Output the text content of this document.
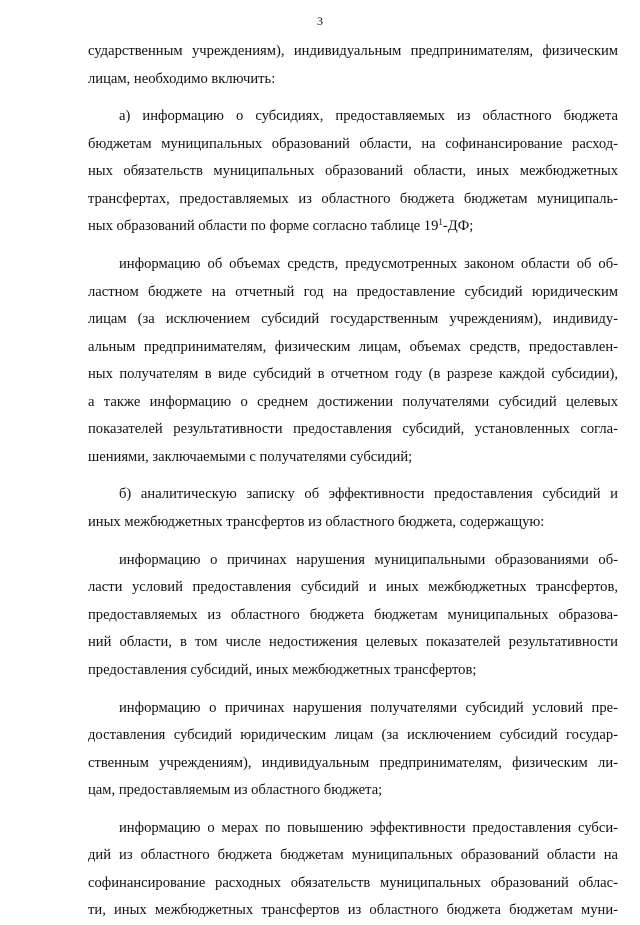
3
сударственным учреждениям), индивидуальным предпринимателям, физическим
лицам, необходимо включить:
а) информацию о субсидиях, предоставляемых из областного бюджета
бюджетам муниципальных образований области, на софинансирование расход-
ных обязательств муниципальных образований области, иных межбюджетных
трансфертах, предоставляемых из областного бюджета бюджетам муниципаль-
ных образований области по форме согласно таблице $19^1-ДФ$;
информацию об объемах средств, предусмотренных законом области об об-
ластном бюджете на отчетный год на предоставление субсидий юридическим
лицам (за исключением субсидий государственным учреждениям), индивиду-
альным предпринимателям, физическим лицам, объемах средств, предоставлен-
ных получателям в виде субсидий в отчетном году (в разрезе каждой субсидии),
а также информацию о среднем достижении получателями субсидий целевых
показателей результативности предоставления субсидий, установленных согла-
шениями, заключаемыми с получателями субсидий;
б) аналитическую записку об эффективности предоставления субсидий и
иных межбюджетных трансфертов из областного бюджета, содержащую:
информацию о причинах нарушения муниципальными образованиями об-
ласти условий предоставления субсидий и иных межбюджетных трансфертов,
предоставляемых из областного бюджета бюджетам муниципальных образова-
ний области, в том числе недостижения целевых показателей результативности
предоставления субсидий, иных межбюджетных трансфертов;
информацию о причинах нарушения получателями субсидий условий пре-
доставления субсидий юридическим лицам (за исключением субсидий государ-
ственным учреждениям), индивидуальным предпринимателям, физическим ли-
цам, предоставляемым из областного бюджета;
информацию о мерах по повышению эффективности предоставления субси-
дий из областного бюджета бюджетам муниципальных образований области на
софинансирование расходных обязательств муниципальных образований облас-
ти, иных межбюджетных трансфертов из областного бюджета бюджетам муни-
